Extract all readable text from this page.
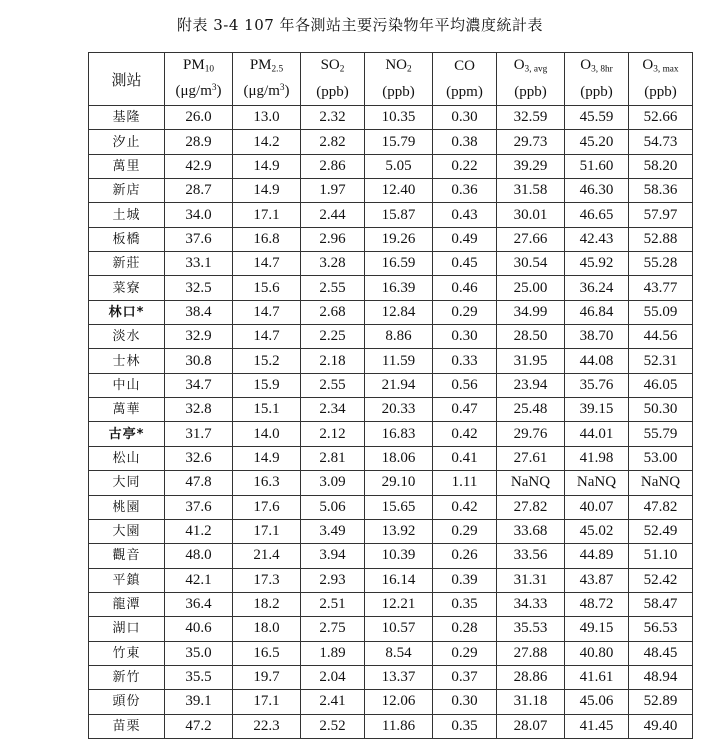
附表 3-4 107 年各測站主要污染物年平均濃度統計表
測站	$PM_{10}$	$PM_{2.5}$	$SO_2$	$NO_2$	CO	$O_{3, avg}$	$O_{3, 8hr}$	$O_{3, max}$
	$(\mu g/m^3)$	$(\mu g/m^3)$	(ppb)	(ppb)	(ppm)	(ppb)	(ppb)	(ppb)
基隆	26.0	13.0	2.32	10.35	0.30	32.59	45.59	52.66
汐止	28.9	14.2	2.82	15.79	0.38	29.73	45.20	54.73
萬里	42.9	14.9	2.86	5.05	0.22	39.29	51.60	58.20
新店	28.7	14.9	1.97	12.40	0.36	31.58	46.30	58.36
土城	34.0	17.1	2.44	15.87	0.43	30.01	46.65	57.97
板橋	37.6	16.8	2.96	19.26	0.49	27.66	42.43	52.88
新莊	33.1	14.7	3.28	16.59	0.45	30.54	45.92	55.28
菜寮	32.5	15.6	2.55	16.39	0.46	25.00	36.24	43.77
林口*	38.4	14.7	2.68	12.84	0.29	34.99	46.84	55.09
淡水	32.9	14.7	2.25	8.86	0.30	28.50	38.70	44.56
士林	30.8	15.2	2.18	11.59	0.33	31.95	44.08	52.31
中山	34.7	15.9	2.55	21.94	0.56	23.94	35.76	46.05
萬華	32.8	15.1	2.34	20.33	0.47	25.48	39.15	50.30
古亭*	31.7	14.0	2.12	16.83	0.42	29.76	44.01	55.79
松山	32.6	14.9	2.81	18.06	0.41	27.61	41.98	53.00
大同	47.8	16.3	3.09	29.10	1.11	NaNQ	NaNQ	NaNQ
桃園	37.6	17.6	5.06	15.65	0.42	27.82	40.07	47.82
大園	41.2	17.1	3.49	13.92	0.29	33.68	45.02	52.49
觀音	48.0	21.4	3.94	10.39	0.26	33.56	44.89	51.10
平鎮	42.1	17.3	2.93	16.14	0.39	31.31	43.87	52.42
龍潭	36.4	18.2	2.51	12.21	0.35	34.33	48.72	58.47
湖口	40.6	18.0	2.75	10.57	0.28	35.53	49.15	56.53
竹東	35.0	16.5	1.89	8.54	0.29	27.88	40.80	48.45
新竹	35.5	19.7	2.04	13.37	0.37	28.86	41.61	48.94
頭份	39.1	17.1	2.41	12.06	0.30	31.18	45.06	52.89
苗栗	47.2	22.3	2.52	11.86	0.35	28.07	41.45	49.40
